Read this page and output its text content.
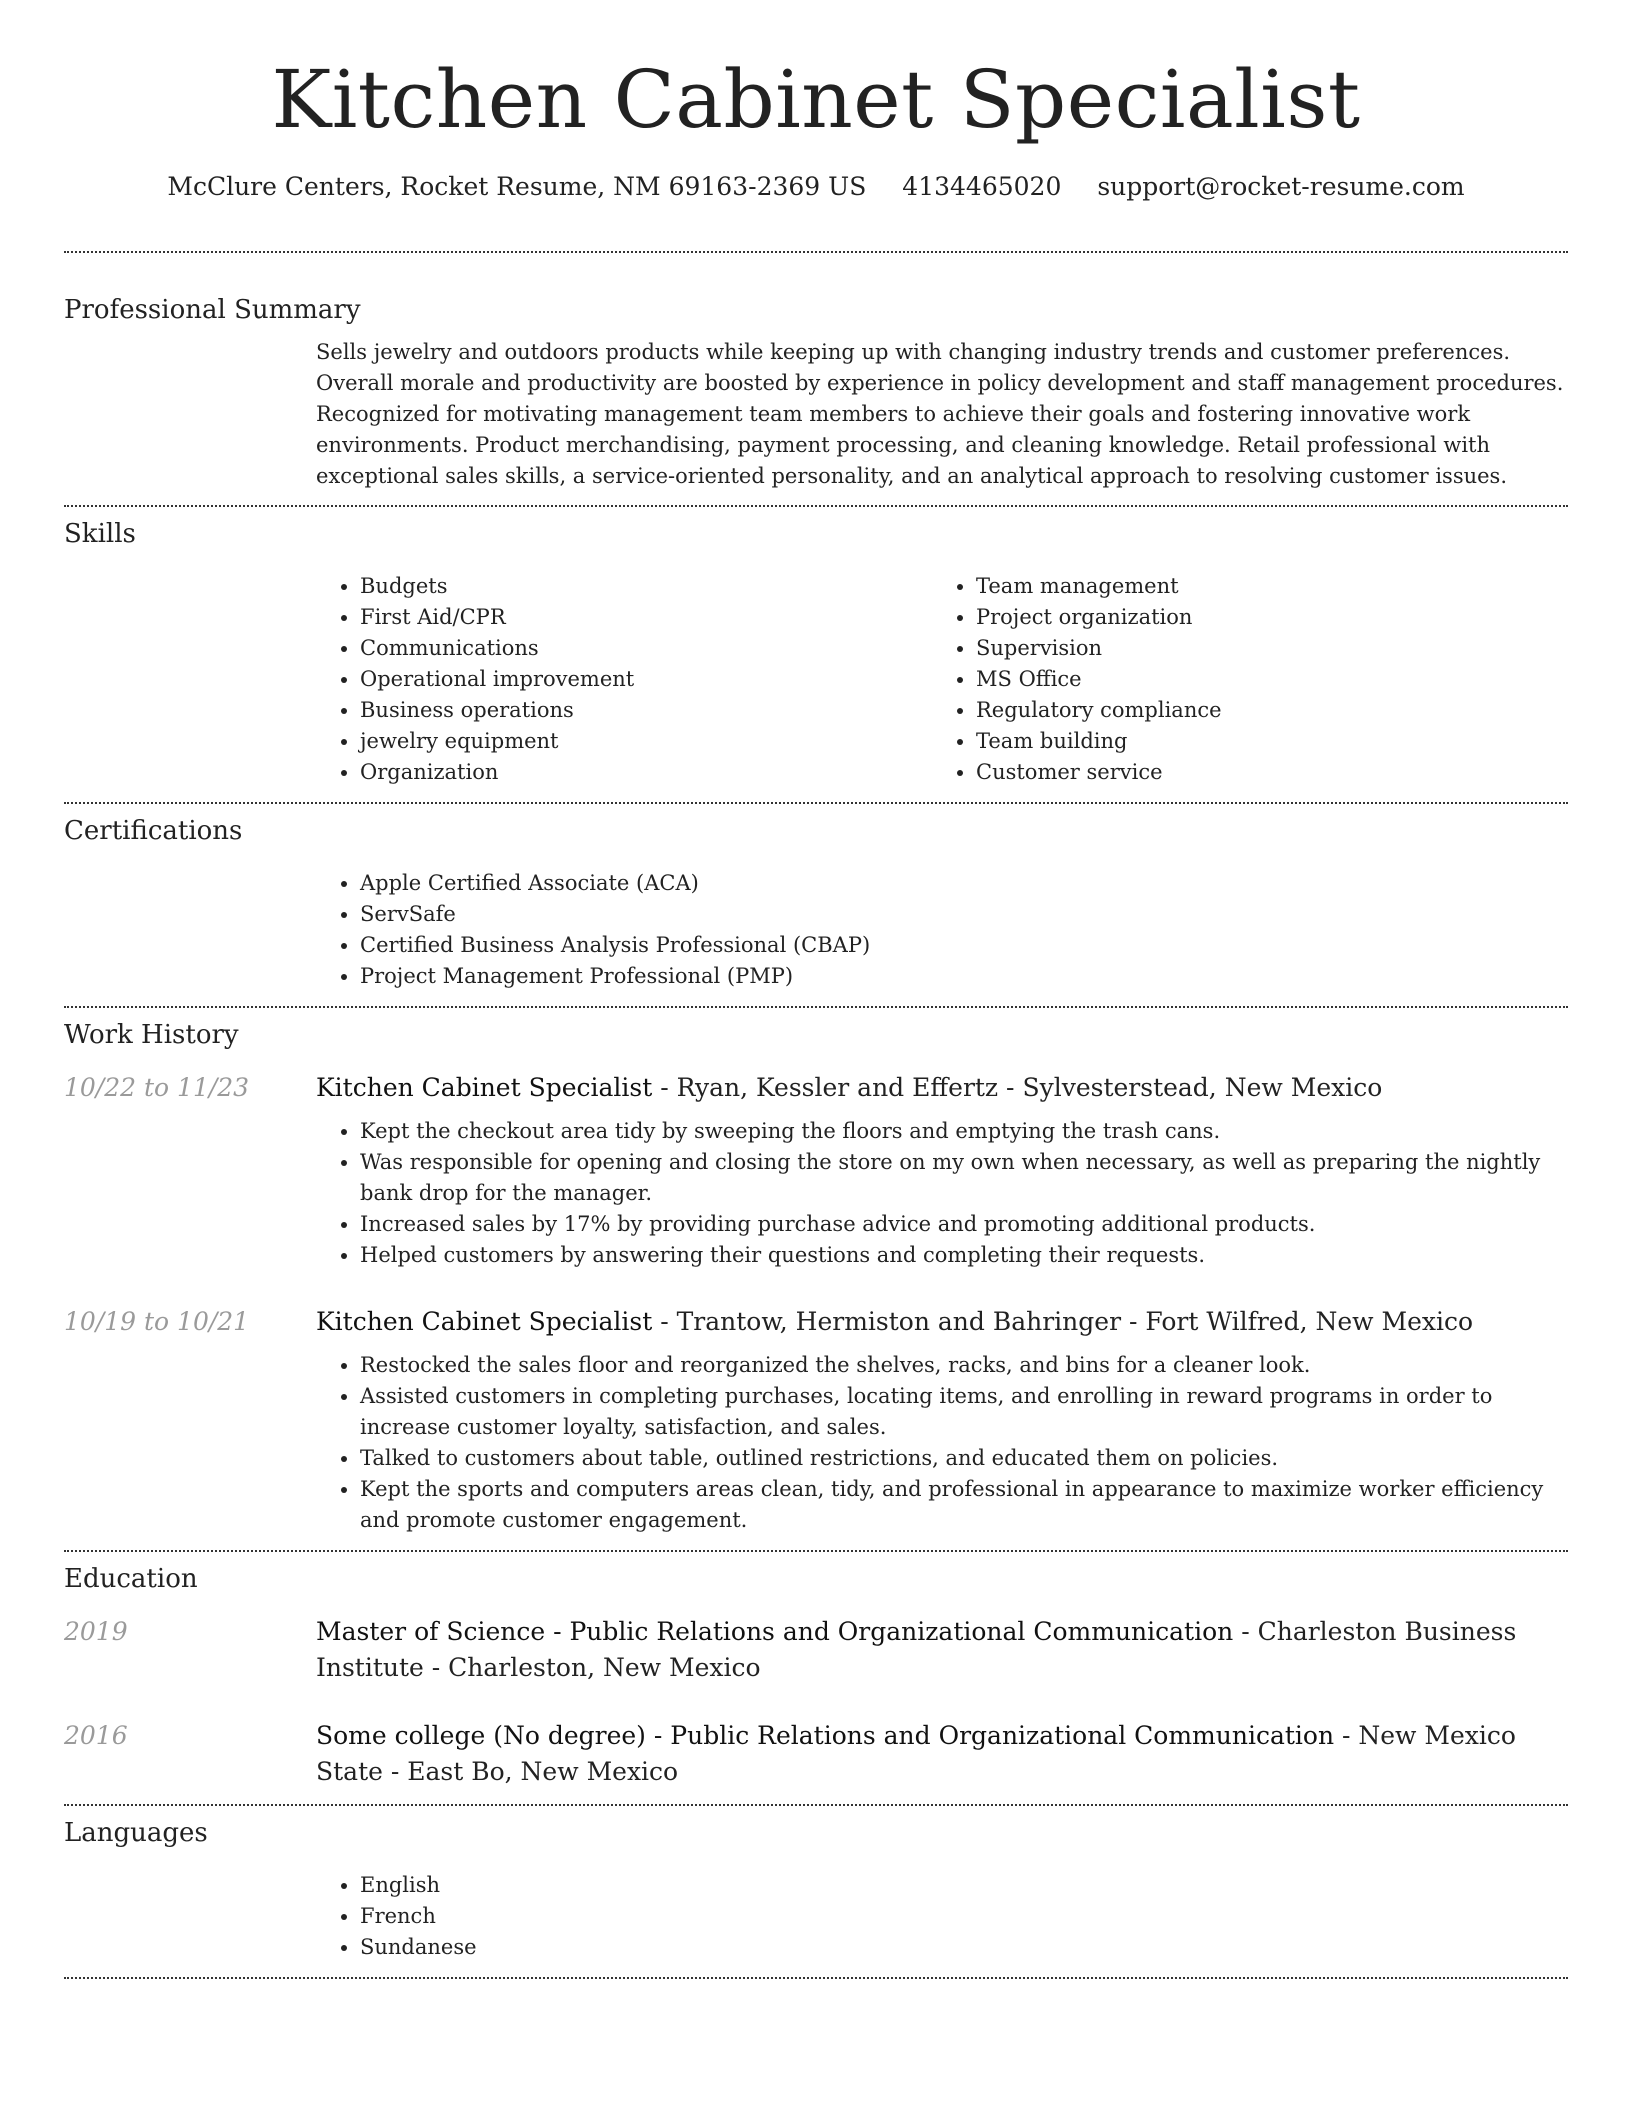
Kitchen Cabinet Specialist
McClure Centers, Rocket Resume, NM 69163-2369 US 4134465020 support@rocket-resume.com
Professional Summary
Sells jewelry and outdoors products while keeping up with changing industry trends and customer preferences. Overall morale and productivity are boosted by experience in policy development and staff management procedures. Recognized for motivating management team members to achieve their goals and fostering innovative work environments. Product merchandising, payment processing, and cleaning knowledge. Retail professional with exceptional sales skills, a service-oriented personality, and an analytical approach to resolving customer issues.
Skills
• Budgets
• First Aid/CPR
• Communications
• Operational improvement
• Business operations
• jewelry equipment
• Organization
• Team management
• Project organization
• Supervision
• MS Office
• Regulatory compliance
• Team building
• Customer service
Certifications
• Apple Certified Associate (ACA)
• ServSafe
• Certified Business Analysis Professional (CBAP)
• Project Management Professional (PMP)
Work History
10/22 to 11/23	Kitchen Cabinet Specialist - Ryan, Kessler and Effertz - Sylvesterstead, New Mexico
• Kept the checkout area tidy by sweeping the floors and emptying the trash cans.
• Was responsible for opening and closing the store on my own when necessary, as well as preparing the nightly bank drop for the manager.
• Increased sales by 17% by providing purchase advice and promoting additional products.
• Helped customers by answering their questions and completing their requests.
10/19 to 10/21	Kitchen Cabinet Specialist - Trantow, Hermiston and Bahringer - Fort Wilfred, New Mexico
• Restocked the sales floor and reorganized the shelves, racks, and bins for a cleaner look.
• Assisted customers in completing purchases, locating items, and enrolling in reward programs in order to increase customer loyalty, satisfaction, and sales.
• Talked to customers about table, outlined restrictions, and educated them on policies.
• Kept the sports and computers areas clean, tidy, and professional in appearance to maximize worker efficiency and promote customer engagement.
Education
2019	Master of Science - Public Relations and Organizational Communication - Charleston Business Institute - Charleston, New Mexico
2016	Some college (No degree) - Public Relations and Organizational Communication - New Mexico State - East Bo, New Mexico
Languages
• English
• French
• Sundanese
